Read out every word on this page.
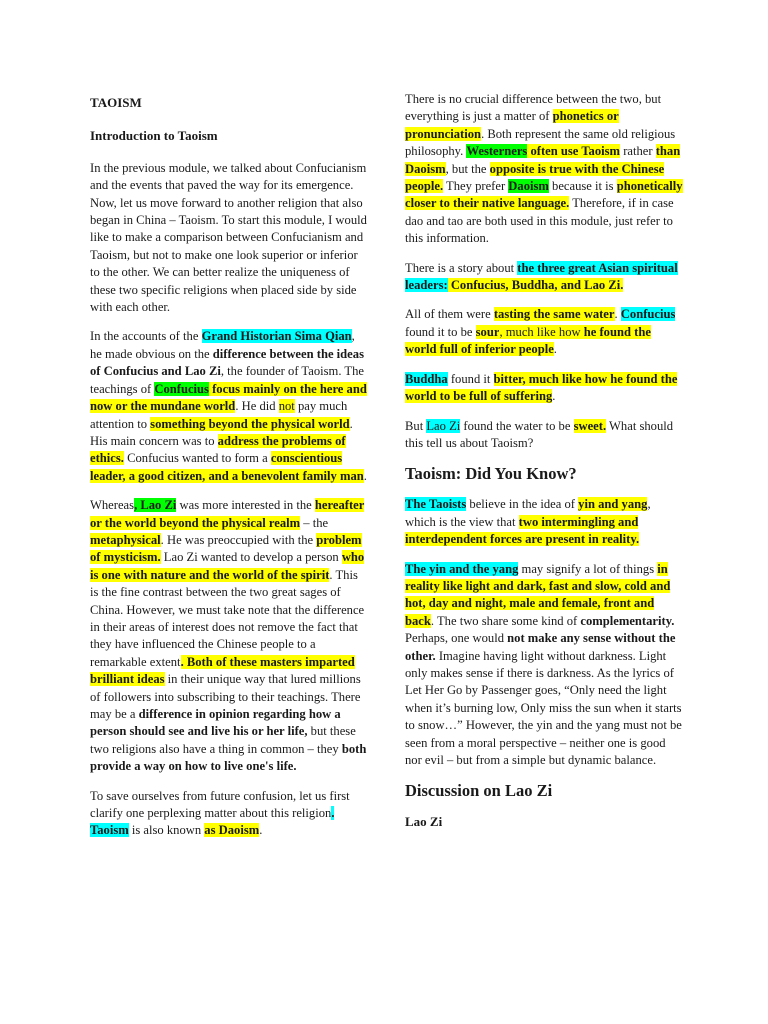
TAOISM
Introduction to Taoism

In the previous module, we talked about Confucianism and the events that paved the way for its emergence. Now, let us move forward to another religion that also began in China – Taoism. To start this module, I would like to make a comparison between Confucianism and Taoism, but not to make one look superior or inferior to the other. We can better realize the uniqueness of these two specific religions when placed side by side with each other.

In the accounts of the Grand Historian Sima Qian, he made obvious on the difference between the ideas of Confucius and Lao Zi, the founder of Taoism. The teachings of Confucius focus mainly on the here and now or the mundane world. He did not pay much attention to something beyond the physical world. His main concern was to address the problems of ethics. Confucius wanted to form a conscientious leader, a good citizen, and a benevolent family man.

Whereas, Lao Zi was more interested in the hereafter or the world beyond the physical realm – the metaphysical. He was preoccupied with the problem of mysticism. Lao Zi wanted to develop a person who is one with nature and the world of the spirit. This is the fine contrast between the two great sages of China. However, we must take note that the difference in their areas of interest does not remove the fact that they have influenced the Chinese people to a remarkable extent. Both of these masters imparted brilliant ideas in their unique way that lured millions of followers into subscribing to their teachings. There may be a difference in opinion regarding how a person should see and live his or her life, but these two religions also have a thing in common – they both provide a way on how to live one's life.

To save ourselves from future confusion, let us first clarify one perplexing matter about this religion. Taoism is also known as Daoism.

There is no crucial difference between the two, but everything is just a matter of phonetics or pronunciation. Both represent the same old religious philosophy. Westerners often use Taoism rather than Daoism, but the opposite is true with the Chinese people. They prefer Daoism because it is phonetically closer to their native language. Therefore, if in case dao and tao are both used in this module, just refer to this information.

There is a story about the three great Asian spiritual leaders: Confucius, Buddha, and Lao Zi.

All of them were tasting the same water. Confucius found it to be sour, much like how he found the world full of inferior people.

Buddha found it bitter, much like how he found the world to be full of suffering.

But Lao Zi found the water to be sweet. What should this tell us about Taoism?

Taoism: Did You Know?

The Taoists believe in the idea of yin and yang, which is the view that two intermingling and interdependent forces are present in reality.

The yin and the yang may signify a lot of things in reality like light and dark, fast and slow, cold and hot, day and night, male and female, front and back. The two share some kind of complementarity. Perhaps, one would not make any sense without the other. Imagine having light without darkness. Light only makes sense if there is darkness. As the lyrics of Let Her Go by Passenger goes, “Only need the light when it’s burning low, Only miss the sun when it starts to snow…” However, the yin and the yang must not be seen from a moral perspective – neither one is good nor evil – but from a simple but dynamic balance.

Discussion on Lao Zi
Lao Zi
